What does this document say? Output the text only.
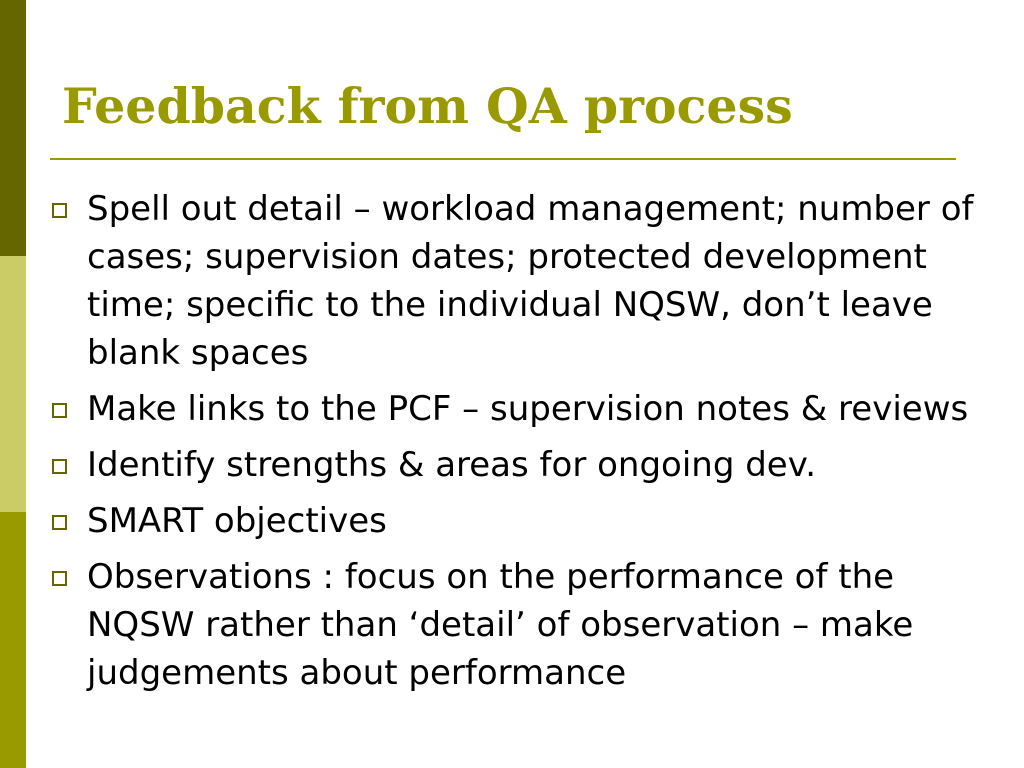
Feedback from QA process
Spell out detail – workload management; number of cases; supervision dates; protected development time; specific to the individual NQSW, don’t leave blank spaces
Make links to the PCF – supervision notes & reviews
Identify strengths & areas for ongoing dev.
SMART objectives
Observations : focus on the performance of the NQSW rather than ‘detail’ of observation – make judgements about performance
